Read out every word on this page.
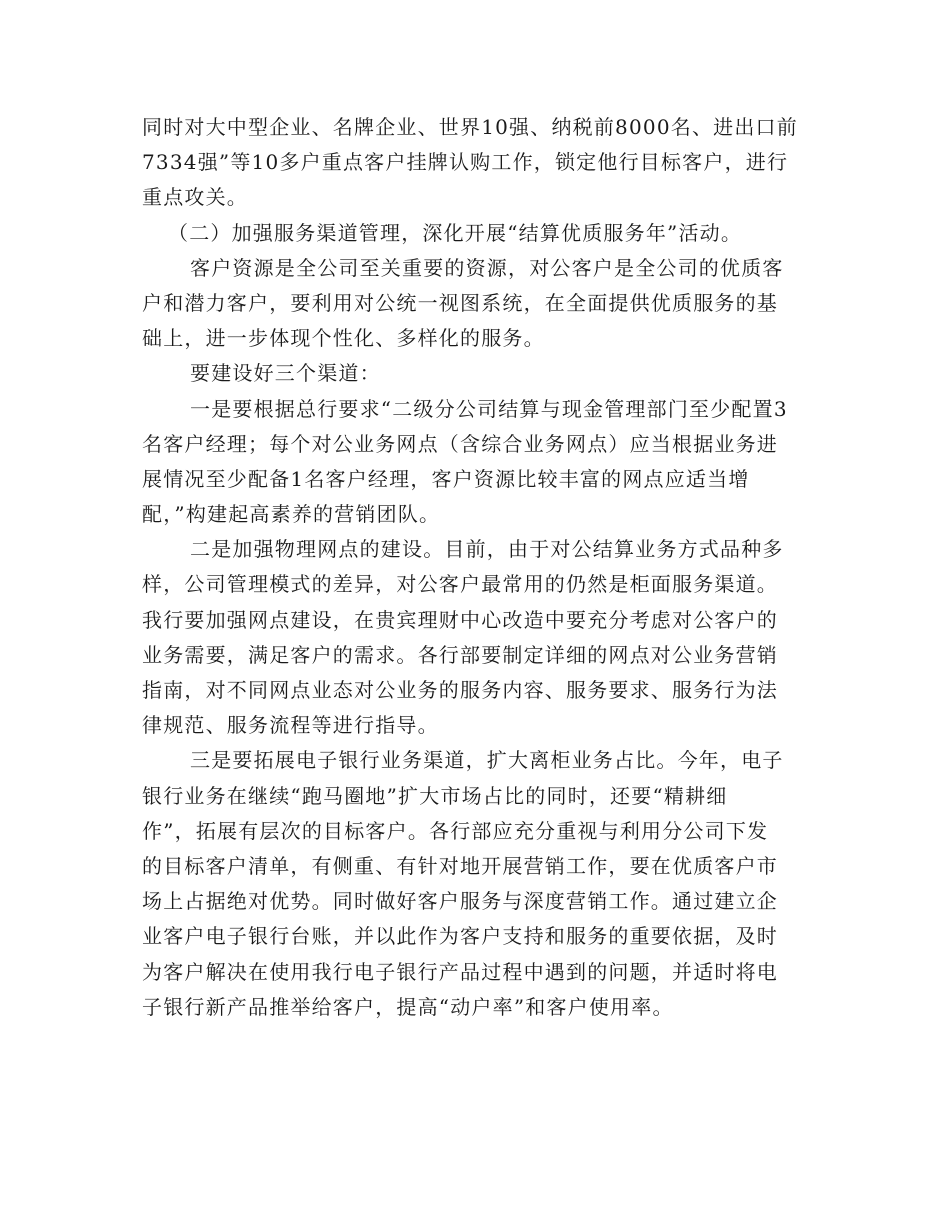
同时对大中型企业、名牌企业、世界10强、纳税前8000名、进出口前

7334强”等10多户重点客户挂牌认购工作，锁定他行目标客户，进行

重点攻关。

（二）加强服务渠道管理，深化开展“结算优质服务年”活动。

客户资源是全公司至关重要的资源，对公客户是全公司的优质客

户和潜力客户，要利用对公统一视图系统，在全面提供优质服务的基

础上，进一步体现个性化、多样化的服务。

要建设好三个渠道：

一是要根据总行要求“二级分公司结算与现金管理部门至少配置3

名客户经理；每个对公业务网点（含综合业务网点）应当根据业务进

展情况至少配备1名客户经理，客户资源比较丰富的网点应适当增

配，”构建起高素养的营销团队。

二是加强物理网点的建设。目前，由于对公结算业务方式品种多

样，公司管理模式的差异，对公客户最常用的仍然是柜面服务渠道。

我行要加强网点建设，在贵宾理财中心改造中要充分考虑对公客户的

业务需要，满足客户的需求。各行部要制定详细的网点对公业务营销

指南，对不同网点业态对公业务的服务内容、服务要求、服务行为法

律规范、服务流程等进行指导。

三是要拓展电子银行业务渠道，扩大离柜业务占比。今年，电子

银行业务在继续“跑马圈地”扩大市场占比的同时，还要“精耕细

作”，拓展有层次的目标客户。各行部应充分重视与利用分公司下发

的目标客户清单，有侧重、有针对地开展营销工作，要在优质客户市

场上占据绝对优势。同时做好客户服务与深度营销工作。通过建立企

业客户电子银行台账，并以此作为客户支持和服务的重要依据，及时

为客户解决在使用我行电子银行产品过程中遇到的问题，并适时将电

子银行新产品推举给客户，提高“动户率”和客户使用率。
